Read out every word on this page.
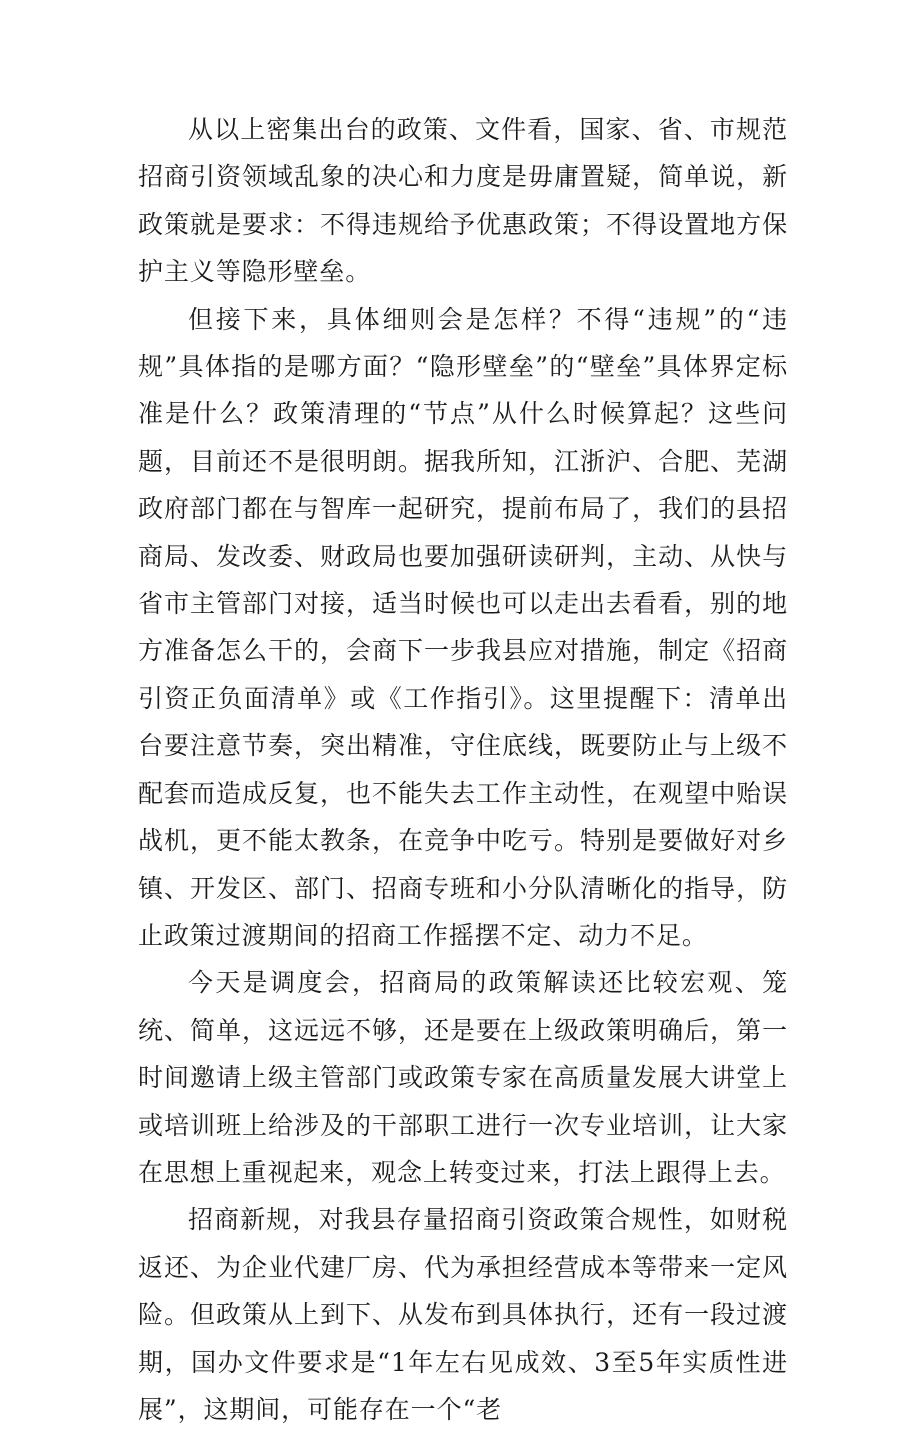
从以上密集出台的政策、文件看，国家、省、市规范招商引资领域乱象的决心和力度是毋庸置疑，简单说，新政策就是要求：不得违规给予优惠政策；不得设置地方保护主义等隐形壁垒。

但接下来，具体细则会是怎样？不得“违规”的“违规”具体指的是哪方面？“隐形壁垒”的“壁垒”具体界定标准是什么？政策清理的“节点”从什么时候算起？这些问题，目前还不是很明朗。据我所知，江浙沪、合肥、芜湖政府部门都在与智库一起研究，提前布局了，我们的县招商局、发改委、财政局也要加强研读研判，主动、从快与省市主管部门对接，适当时候也可以走出去看看，别的地方准备怎么干的，会商下一步我县应对措施，制定《招商引资正负面清单》或《工作指引》。这里提醒下：清单出台要注意节奏，突出精准，守住底线，既要防止与上级不配套而造成反复，也不能失去工作主动性，在观望中贻误战机，更不能太教条，在竞争中吃亏。特别是要做好对乡镇、开发区、部门、招商专班和小分队清晰化的指导，防止政策过渡期间的招商工作摇摆不定、动力不足。

今天是调度会，招商局的政策解读还比较宏观、笼统、简单，这远远不够，还是要在上级政策明确后，第一时间邀请上级主管部门或政策专家在高质量发展大讲堂上或培训班上给涉及的干部职工进行一次专业培训，让大家在思想上重视起来，观念上转变过来，打法上跟得上去。

招商新规，对我县存量招商引资政策合规性，如财税返还、为企业代建厂房、代为承担经营成本等带来一定风险。但政策从上到下、从发布到具体执行，还有一段过渡期，国办文件要求是“1年左右见成效、3至5年实质性进展”，这期间，可能存在一个“老
